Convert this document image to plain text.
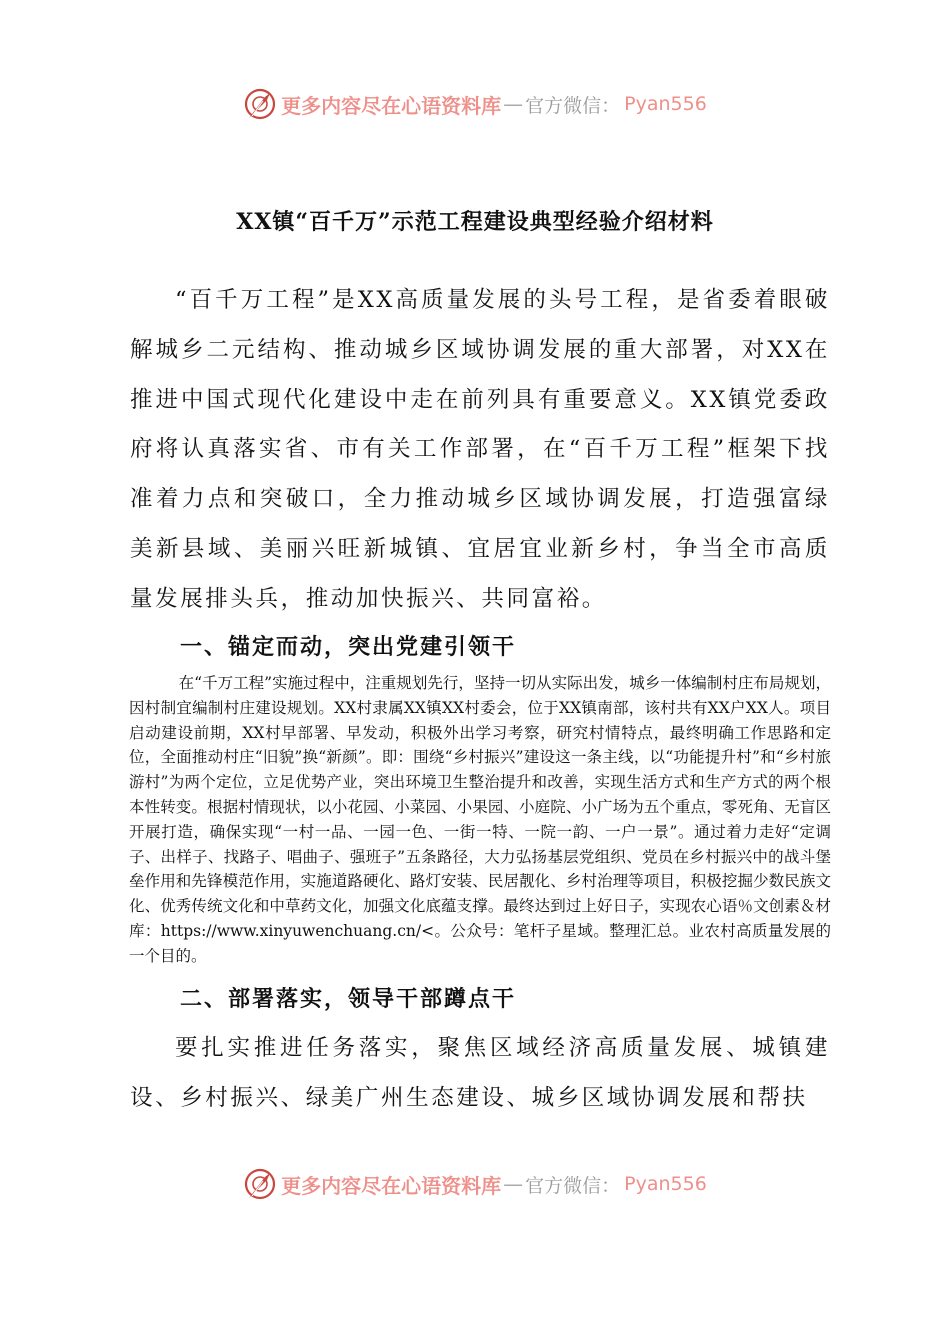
更多内容尽在心语资料库 — 官方微信： Pyan556
XX镇“百千万”示范工程建设典型经验介绍材料

“百千万工程”是XX高质量发展的头号工程，是省委着眼破解城乡二元结构、推动城乡区域协调发展的重大部署，对XX在推进中国式现代化建设中走在前列具有重要意义。XX镇党委政府将认真落实省、市有关工作部署，在“百千万工程”框架下找准着力点和突破口，全力推动城乡区域协调发展，打造强富绿美新县域、美丽兴旺新城镇、宜居宜业新乡村，争当全市高质量发展排头兵，推动加快振兴、共同富裕。

一、锚定而动，突出党建引领干

在“千万工程”实施过程中，注重规划先行，坚持一切从实际出发，城乡一体编制村庄布局规划，因村制宜编制村庄建设规划。XX村隶属XX镇XX村委会，位于XX镇南部，该村共有XX户XX人。项目启动建设前期，XX村早部署、早发动，积极外出学习考察，研究村情特点，最终明确工作思路和定位，全面推动村庄“旧貌”换“新颜”。即：围绕“乡村振兴”建设这一条主线，以“功能提升村”和“乡村旅游村”为两个定位，立足优势产业，突出环境卫生整治提升和改善，实现生活方式和生产方式的两个根本性转变。根据村情现状，以小花园、小菜园、小果园、小庭院、小广场为五个重点，零死角、无盲区开展打造，确保实现“一村一品、一园一色、一街一特、一院一韵、一户一景”。通过着力走好“定调子、出样子、找路子、唱曲子、强班子”五条路径，大力弘扬基层党组织、党员在乡村振兴中的战斗堡垒作用和先锋模范作用，实施道路硬化、路灯安装、民居靓化、乡村治理等项目，积极挖掘少数民族文化、优秀传统文化和中草药文化，加强文化底蕴支撑。最终达到过上好日子，实现农心语％文创素＆材库：https://www.xinyuwenchuang.cn/<。公众号：笔杆子星域。整理汇总。业农村高质量发展的一个目的。

二、部署落实，领导干部蹲点干

要扎实推进任务落实，聚焦区域经济高质量发展、城镇建设、乡村振兴、绿美广州生态建设、城乡区域协调发展和帮扶

更多内容尽在心语资料库 — 官方微信： Pyan556
